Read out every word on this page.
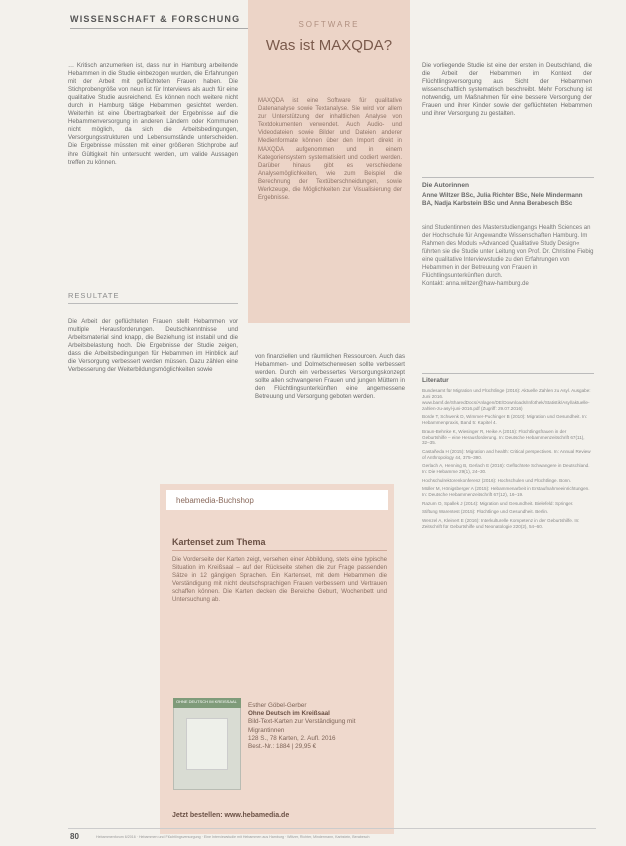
WISSENSCHAFT & FORSCHUNG
SOFTWARE
Was ist MAXQDA?
MAXQDA ist eine Software für qualitative Datenanalyse sowie Textanalyse. Sie wird vor allem zur Unterstützung der inhaltlichen Analyse von Textdokumenten verwendet. Auch Audio- und Videodateien sowie Bilder und Dateien anderer Medienformate können über den Import direkt in MAXQDA aufgenommen und in einem Kategoriensystem systematisiert und codiert werden. Darüber hinaus gibt es verschiedene Analysemöglichkeiten, wie zum Beispiel die Berechnung der Textüberschneidungen, sowie Werkzeuge, die Möglichkeiten zur Visualisierung der Ergebnisse.

… Kritisch anzumerken ist, dass nur in Hamburg arbeitende Hebammen in die Studie einbezogen wurden, die Erfahrungen mit der Arbeit mit geflüchteten Frauen haben. Die Stichprobengröße von neun ist für Interviews als auch für eine qualitative Studie ausreichend. Es können noch weitere nicht durch in Hamburg tätige Hebammen gesichtet werden. Weiterhin ist eine Übertragbarkeit der Ergebnisse auf die Hebammenversorgung in anderen Ländern oder Kommunen nicht möglich, da sich die Arbeitsbedingungen, Versorgungsstrukturen und Lebensumstände unterscheiden. Die Ergebnisse müssten mit einer größeren Stichprobe auf ihre Gültigkeit hin untersucht werden, um valide Aussagen treffen zu können.

RESULTATE

Die Arbeit der geflüchteten Frauen stellt Hebammen vor multiple Herausforderungen. Deutschkenntnisse und Arbeitsmaterial sind knapp, die Beziehung ist instabil und die Arbeitsbelastung hoch. Die Ergebnisse der Studie zeigen, dass die Arbeitsbedingungen für Hebammen im Hinblick auf die Versorgung verbessert werden müssen. Dazu zählen eine Verbesserung der Weiterbildungsmöglichkeiten sowie

von finanziellen und räumlichen Ressourcen. Auch das Hebammen- und Dolmetscherwesen sollte verbessert werden. Durch ein verbessertes Versorgungskonzept sollte allen schwangeren Frauen und jungen Müttern in den Flüchtlingsunterkünften eine angemessene Betreuung und Versorgung geboten werden.

Die vorliegende Studie ist eine der ersten in Deutschland, die die Arbeit der Hebammen im Kontext der Flüchtlingsversorgung aus Sicht der Hebammen wissenschaftlich systematisch beschreibt. Mehr Forschung ist notwendig, um Maßnahmen für eine bessere Versorgung der Frauen und ihrer Kinder sowie der geflüchteten Hebammen und ihrer Versorgung zu gestalten.

Die Autorinnen
Anne Wiltzer BSc, Julia Richter BSc, Nele Mindermann BA, Nadja Karbstein BSc und Anna Berabesch BSc
sind Studentinnen des Masterstudiengangs Health Sciences an der Hochschule für Angewandte Wissenschaften Hamburg. Im Rahmen des Moduls »Advanced Qualitative Study Design« führten sie die Studie unter Leitung von Prof. Dr. Christine Fiebig eine qualitative Interviewstudie zu den Erfahrungen von Hebammen in der Betreuung von Frauen in Flüchtlingsunterkünften durch.
Kontakt: anna.wiltzer@haw-hamburg.de
Literatur

Bundesamt für Migration und Flüchtlinge (2016): Aktuelle Zahlen zu Asyl. Ausgabe: Juni 2016. www.bamf.de/SharedDocs/Anlagen/DE/Downloads/Infothek/Statistik/Asyl/aktuelle-zahlen-zu-asyl-juni-2016.pdf (Zugriff: 29.07.2016)

Borde T, Schwenk D, Wimmer-Puchinger B (2010): Migration und Gesundheit. In: Hebammenpraxis, Band 5: Kapitel 4.

Braun-Behnke K, Wiesinger R, Heike A (2015): Flüchtlingsfrauen in der Geburtshilfe – eine Herausforderung. In: Deutsche Hebammenzeitschrift 67(11), 32–35.

Castañeda H (2015): Migration and health: Critical perspectives. In: Annual Review of Anthropology 44, 375–390.

Gerlach A, Henning B, Gerlach E (2016): Geflüchtete Schwangere in Deutschland. In: Die Hebamme 29(1), 24–30.

Hochschulrektorenkonferenz (2016): Hochschulen und Flüchtlinge. Bonn.

Müller M, Hönigsberger A (2015): Hebammenarbeit in Erstaufnahmeeinrichtungen. In: Deutsche Hebammenzeitschrift 67(12), 16–19.

Razum O, Spallek J (2014): Migration und Gesundheit. Bielefeld: Springer.

Stiftung Warentest (2015): Flüchtlinge und Gesundheit. Berlin.

Wenzel A, Kleinert E (2016): Interkulturelle Kompetenz in der Geburtshilfe. In: Zeitschrift für Geburtshilfe und Neonatologie 220(2), 54–60.

hebamedia-Buchshop
Kartenset zum Thema
Die Vorderseite der Karten zeigt, versehen einer Abbildung, stets eine typische Situation im Kreißsaal – auf der Rückseite stehen die zur Frage passenden Sätze in 12 gängigen Sprachen. Ein Kartenset, mit dem Hebammen die Verständigung mit nicht deutschsprachigen Frauen verbessern und Vertrauen schaffen können. Die Karten decken die Bereiche Geburt, Wochenbett und Untersuchung ab.
OHNE DEUTSCH IM KREISSAAL
Esther Göbel-Gerber
Ohne Deutsch im Kreißsaal
Bild-Text-Karten zur Verständigung mit Migrantinnen
128 S., 78 Karten, 2. Aufl. 2016
Best.-Nr.: 1884 | 29,95 €
Jetzt bestellen: www.hebamedia.de
80	Hebammenforum 6/2016 · Hebammen und Flüchtlingsversorgung · Eine Interviewstudie mit Hebammen aus Hamburg · Wiltzer, Richter, Mindermann, Karbstein, Berabesch
